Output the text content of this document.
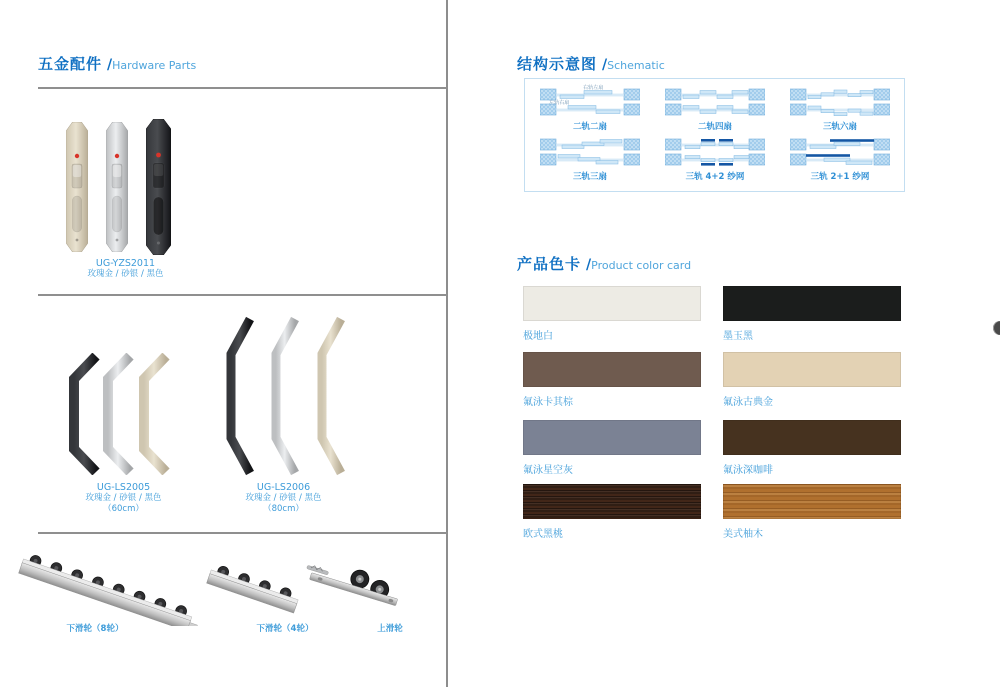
五金配件 /Hardware Parts
UG-YZS2011
玫瑰金 / 砂银 / 黑色
UG-LS2005
玫瑰金 / 砂银 / 黑色
（60cm）
UG-LS2006
玫瑰金 / 砂银 / 黑色
（80cm）
下滑轮（8轮）	下滑轮（4轮）	上滑轮
结构示意图 /Schematic
右轨左扇
左轨右扇
二轨二扇	二轨四扇	三轨六扇
三轨三扇	三轨 4+2 纱网	三轨 2+1 纱网
产品色卡 /Product color card
极地白	墨玉黑
氟泳卡其棕	氟泳古典金
氟泳星空灰	氟泳深咖啡
欧式黑桃	美式柚木
